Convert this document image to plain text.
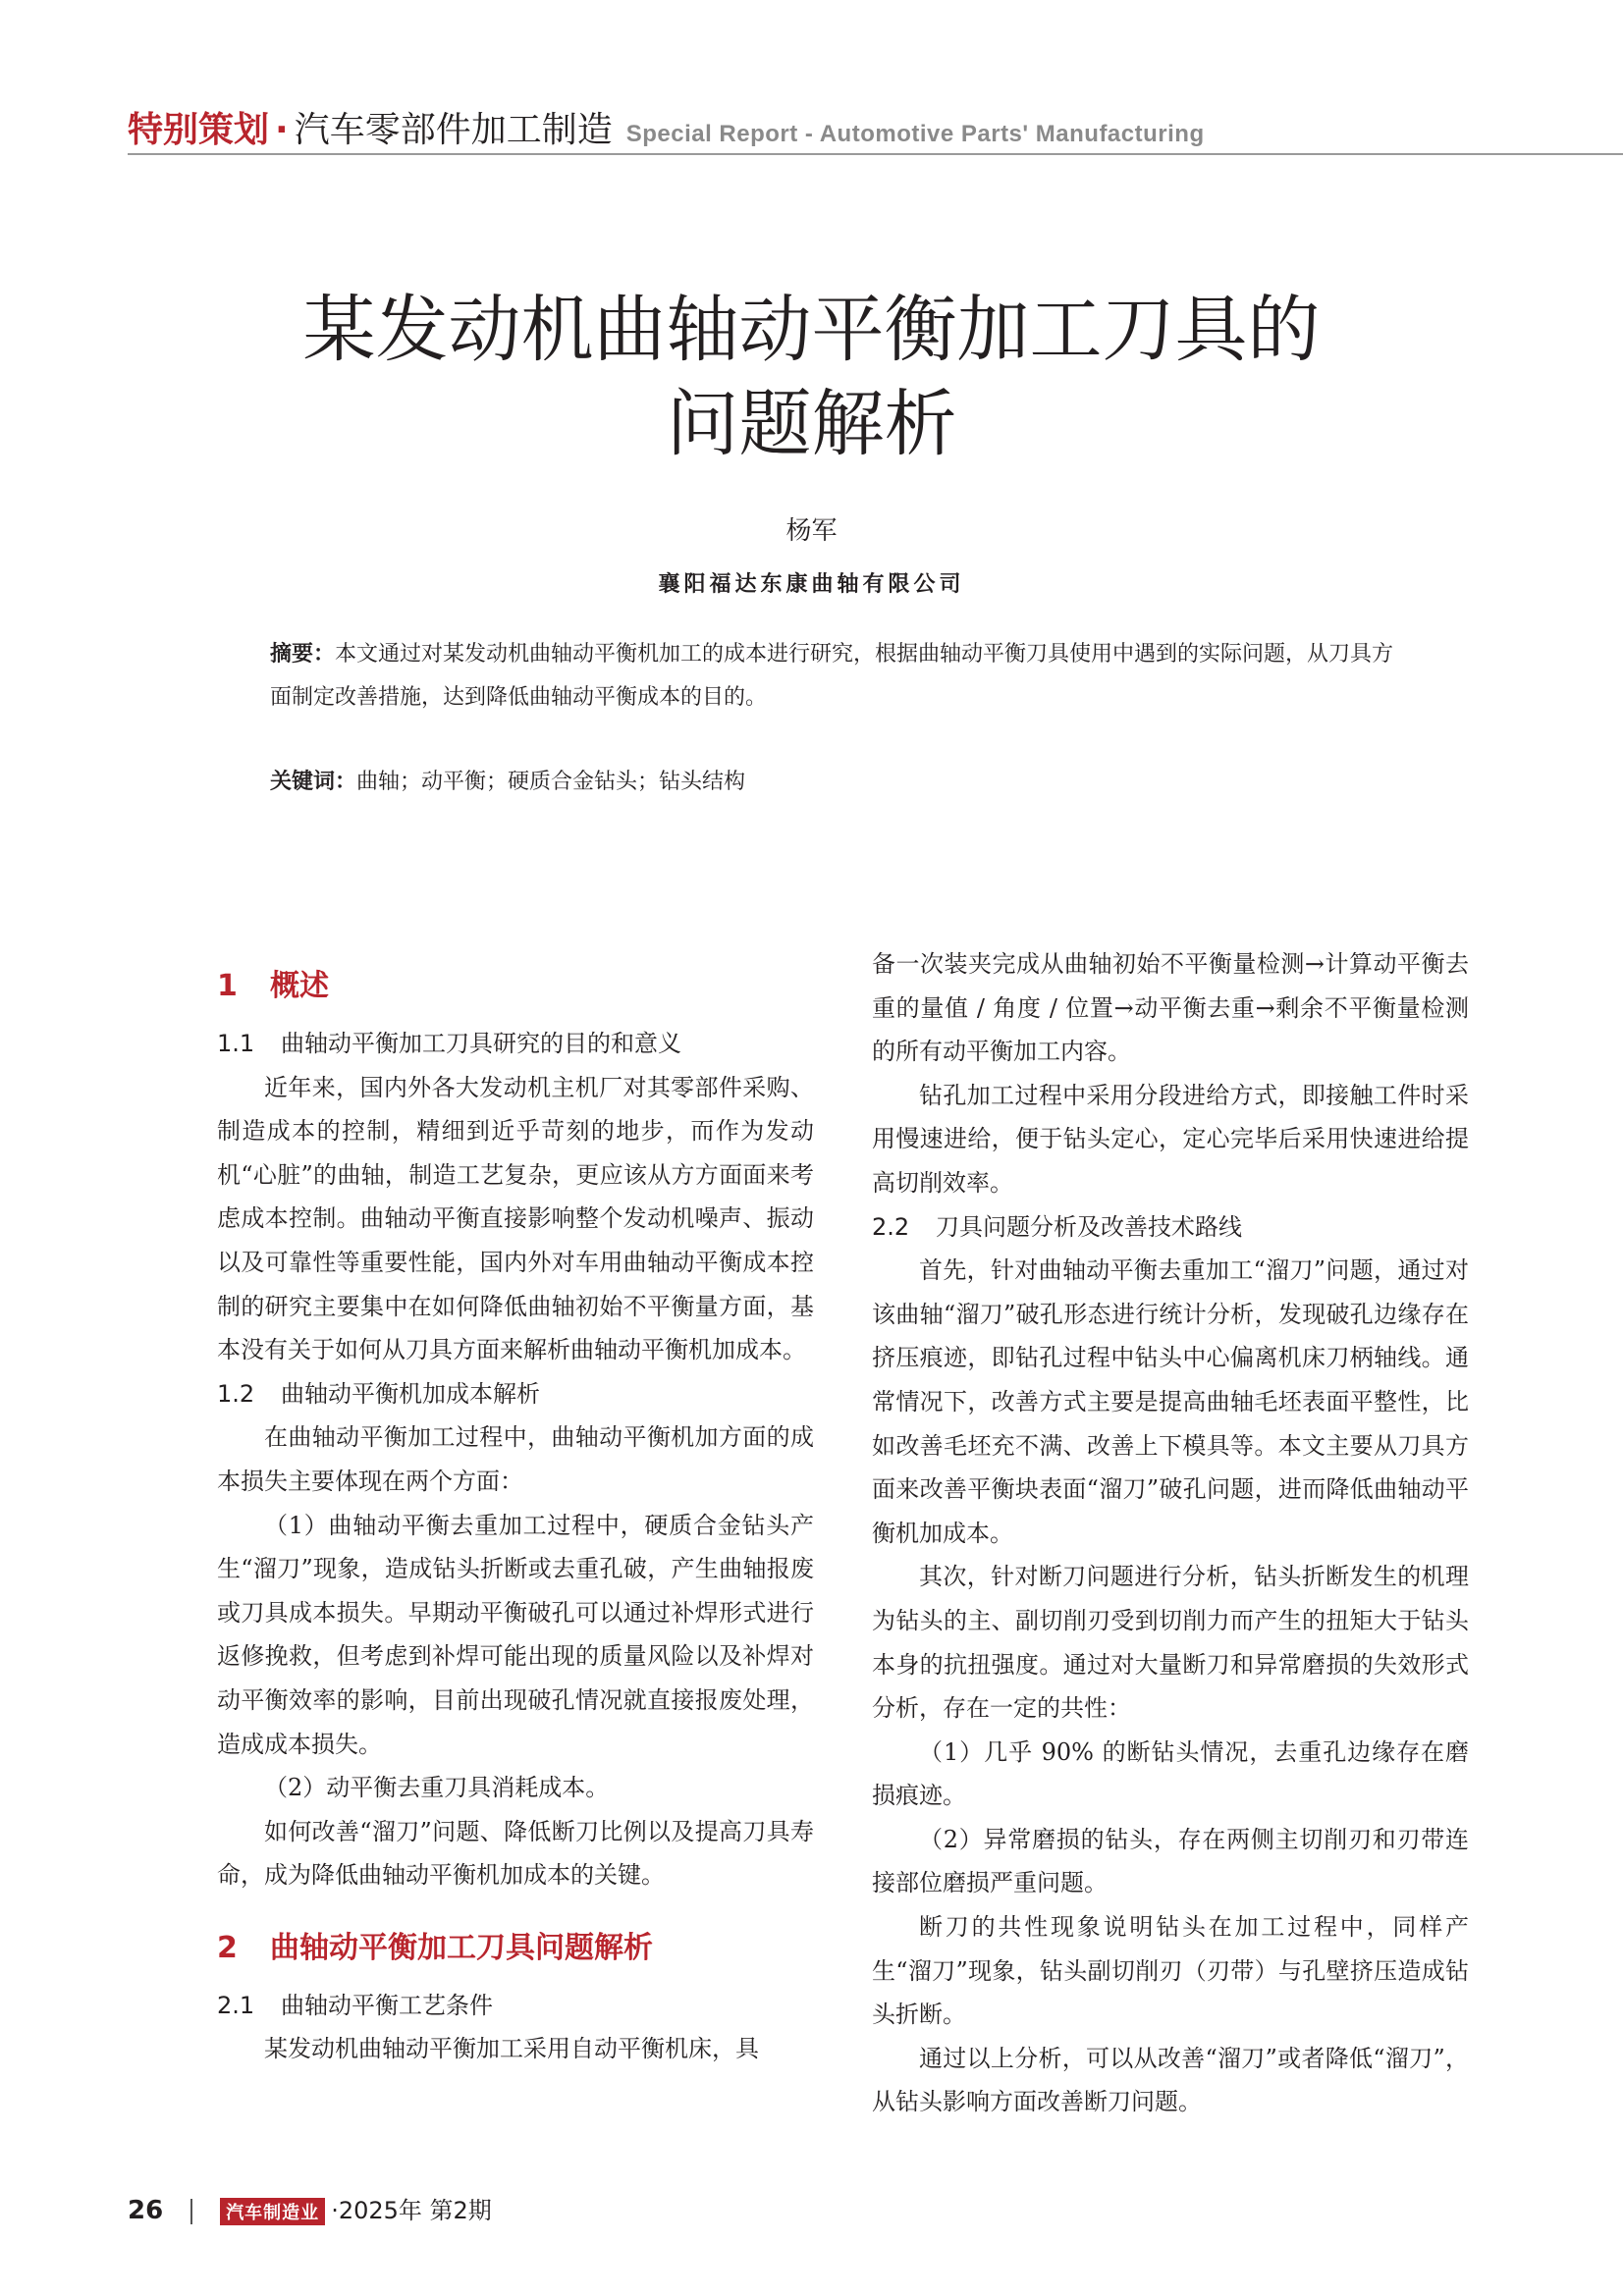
特别策划 · 汽车零部件加工制造 Special Report - Automotive Parts' Manufacturing
某发动机曲轴动平衡加工刀具的
问题解析
杨军
襄阳福达东康曲轴有限公司

摘要：本文通过对某发动机曲轴动平衡机加工的成本进行研究，根据曲轴动平衡刀具使用中遇到的实际问题，从刀具方面制定改善措施，达到降低曲轴动平衡成本的目的。

关键词：曲轴；动平衡；硬质合金钻头；钻头结构
1 概述
1.1 曲轴动平衡加工刀具研究的目的和意义

近年来，国内外各大发动机主机厂对其零部件采购、制造成本的控制，精细到近乎苛刻的地步，而作为发动机“心脏”的曲轴，制造工艺复杂，更应该从方方面面来考虑成本控制。曲轴动平衡直接影响整个发动机噪声、振动以及可靠性等重要性能，国内外对车用曲轴动平衡成本控制的研究主要集中在如何降低曲轴初始不平衡量方面，基本没有关于如何从刀具方面来解析曲轴动平衡机加成本。

1.2 曲轴动平衡机加成本解析

在曲轴动平衡加工过程中，曲轴动平衡机加方面的成本损失主要体现在两个方面：

（1）曲轴动平衡去重加工过程中，硬质合金钻头产生“溜刀”现象，造成钻头折断或去重孔破，产生曲轴报废或刀具成本损失。早期动平衡破孔可以通过补焊形式进行返修挽救，但考虑到补焊可能出现的质量风险以及补焊对动平衡效率的影响，目前出现破孔情况就直接报废处理，造成成本损失。

（2）动平衡去重刀具消耗成本。

如何改善“溜刀”问题、降低断刀比例以及提高刀具寿命，成为降低曲轴动平衡机加成本的关键。

2 曲轴动平衡加工刀具问题解析
2.1 曲轴动平衡工艺条件

某发动机曲轴动平衡加工采用自动平衡机床，具

备一次装夹完成从曲轴初始不平衡量检测→计算动平衡去重的量值 / 角度 / 位置→动平衡去重→剩余不平衡量检测的所有动平衡加工内容。

钻孔加工过程中采用分段进给方式，即接触工件时采用慢速进给，便于钻头定心，定心完毕后采用快速进给提高切削效率。

2.2 刀具问题分析及改善技术路线

首先，针对曲轴动平衡去重加工“溜刀”问题，通过对该曲轴“溜刀”破孔形态进行统计分析，发现破孔边缘存在挤压痕迹，即钻孔过程中钻头中心偏离机床刀柄轴线。通常情况下，改善方式主要是提高曲轴毛坯表面平整性，比如改善毛坯充不满、改善上下模具等。本文主要从刀具方面来改善平衡块表面“溜刀”破孔问题，进而降低曲轴动平衡机加成本。

其次，针对断刀问题进行分析，钻头折断发生的机理为钻头的主、副切削刃受到切削力而产生的扭矩大于钻头本身的抗扭强度。通过对大量断刀和异常磨损的失效形式分析，存在一定的共性：

（1）几乎 90% 的断钻头情况，去重孔边缘存在磨损痕迹。

（2）异常磨损的钻头，存在两侧主切削刃和刃带连接部位磨损严重问题。

断刀的共性现象说明钻头在加工过程中，同样产生“溜刀”现象，钻头副切削刃（刃带）与孔壁挤压造成钻头折断。

通过以上分析，可以从改善“溜刀”或者降低“溜刀”，从钻头影响方面改善断刀问题。

26	汽车制造业 ·2025年 第2期
